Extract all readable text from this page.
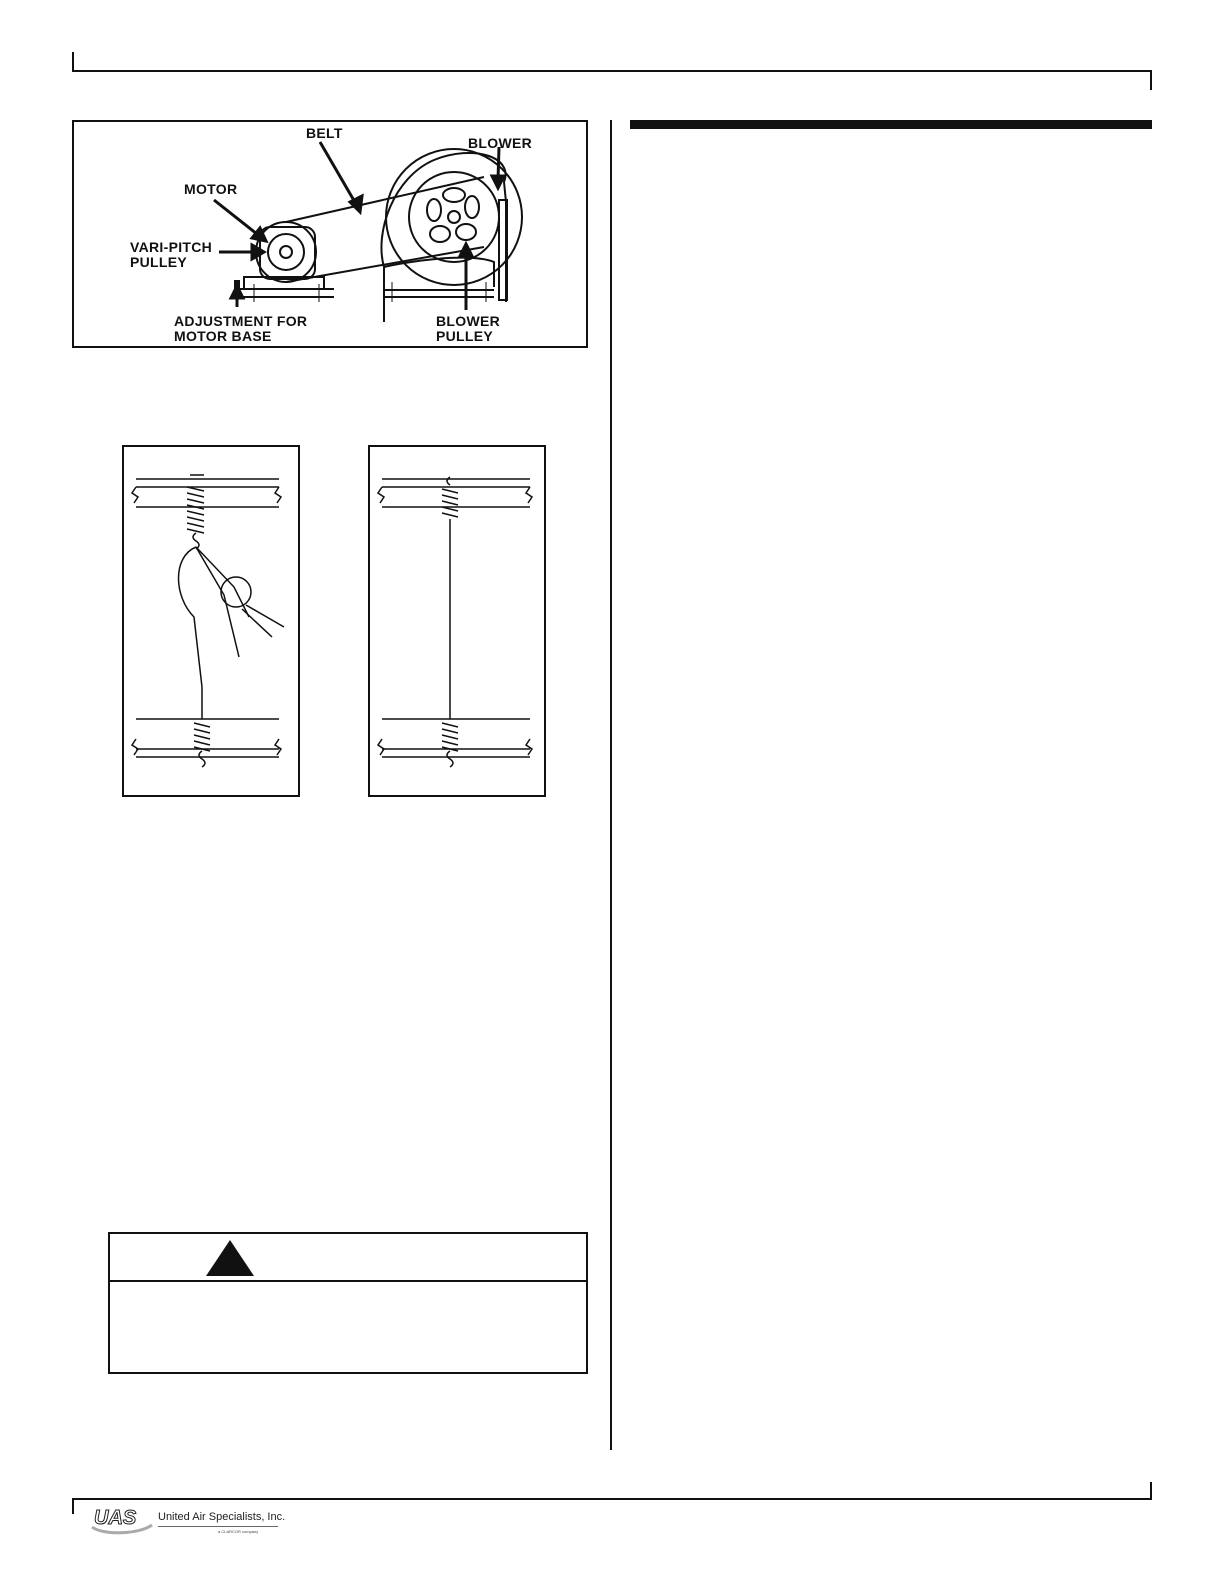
BELT
BLOWER
MOTOR
VARI-PITCH
PULLEY
ADJUSTMENT FOR
MOTOR BASE
BLOWER
PULLEY
UAS United Air Specialists, Inc.
a CLARCOR company
